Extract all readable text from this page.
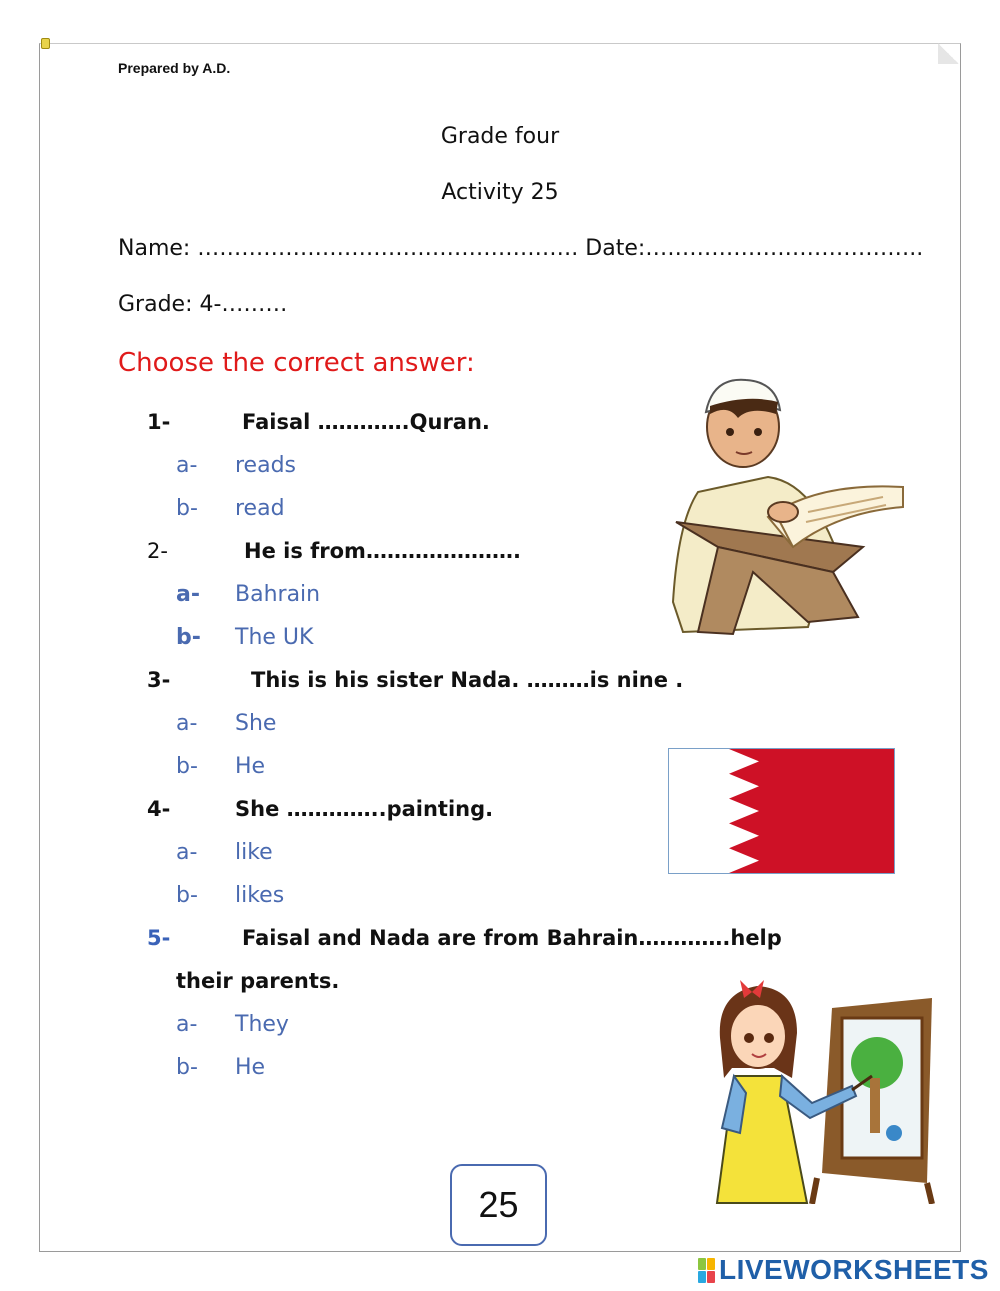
Prepared by A.D.
Grade four
Activity 25
Name: ……………………………………………. Date:………………………………..
Grade: 4-………
Choose the correct answer:
1-	Faisal ………….Quran.
a- reads
b- read
2-	He is from………………….
a- Bahrain
b- The UK
3-	This is his sister Nada. ………is nine .
a- She
b- He
4-	She …………..painting.
a- like
b- likes
5-	Faisal and Nada are from Bahrain………….help
their parents.
a- They
b- He
25
LIVEWORKSHEETS
